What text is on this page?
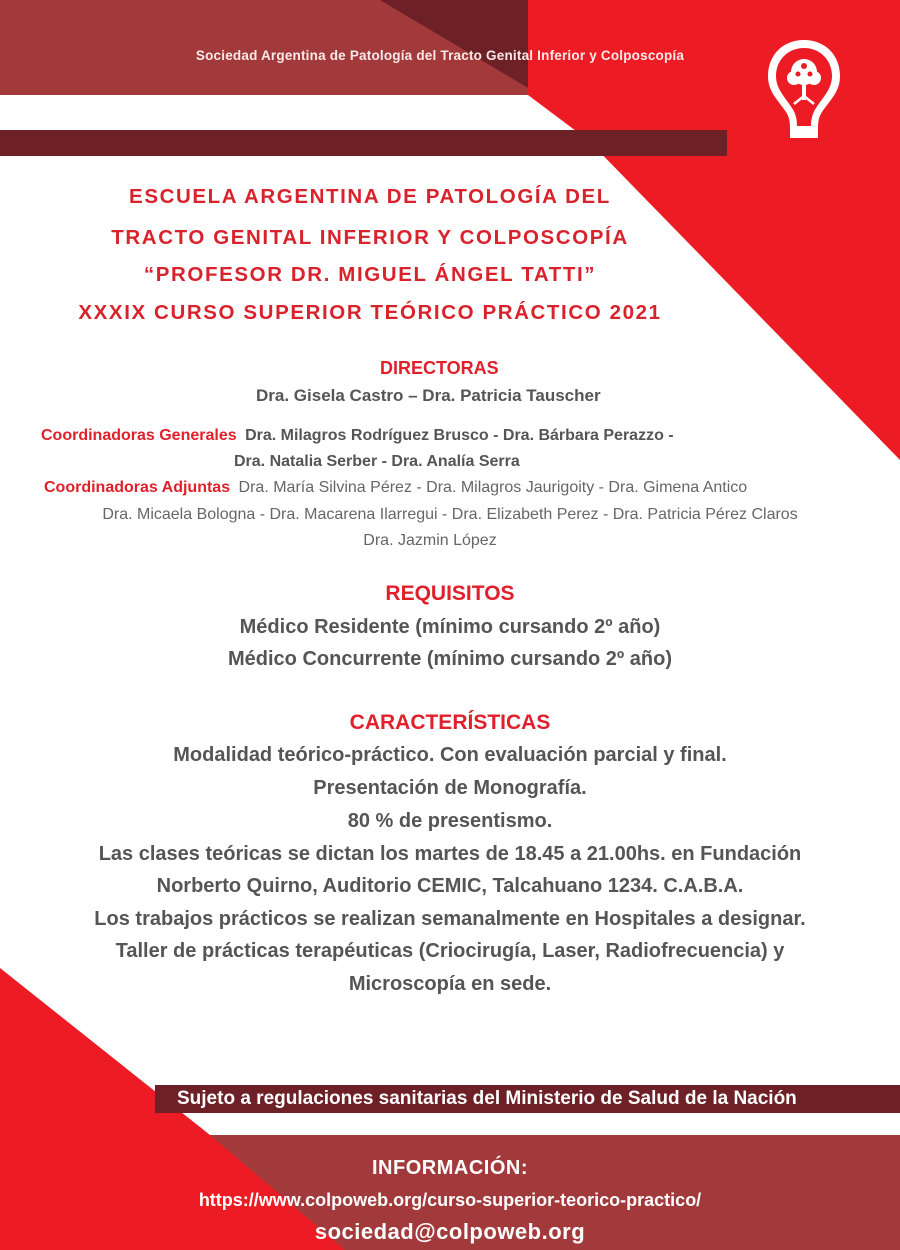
Sociedad Argentina de Patología del Tracto Genital Inferior y Colposcopía
ESCUELA ARGENTINA DE PATOLOGÍA DEL
TRACTO GENITAL INFERIOR Y COLPOSCOPÍA
“PROFESOR DR. MIGUEL ÁNGEL TATTI”
XXXIX CURSO SUPERIOR TEÓRICO PRÁCTICO 2021
DIRECTORAS
Dra. Gisela Castro – Dra. Patricia Tauscher
Coordinadoras Generales Dra. Milagros Rodríguez Brusco - Dra. Bárbara Perazzo -
Dra. Natalia Serber - Dra. Analía Serra
Coordinadoras Adjuntas Dra. María Silvina Pérez - Dra. Milagros Jaurigoity - Dra. Gimena Antico
Dra. Micaela Bologna - Dra. Macarena Ilarregui - Dra. Elizabeth Perez - Dra. Patricia Pérez Claros
Dra. Jazmin López
REQUISITOS
Médico Residente (mínimo cursando 2º año)
Médico Concurrente (mínimo cursando 2º año)
CARACTERÍSTICAS
Modalidad teórico-práctico. Con evaluación parcial y final.
Presentación de Monografía.
80 % de presentismo.
Las clases teóricas se dictan los martes de 18.45 a 21.00hs. en Fundación
Norberto Quirno, Auditorio CEMIC, Talcahuano 1234. C.A.B.A.
Los trabajos prácticos se realizan semanalmente en Hospitales a designar.
Taller de prácticas terapéuticas (Criocirugía, Laser, Radiofrecuencia) y
Microscopía en sede.
Sujeto a regulaciones sanitarias del Ministerio de Salud de la Nación
INFORMACIÓN:
https://www.colpoweb.org/curso-superior-teorico-practico/
sociedad@colpoweb.org
